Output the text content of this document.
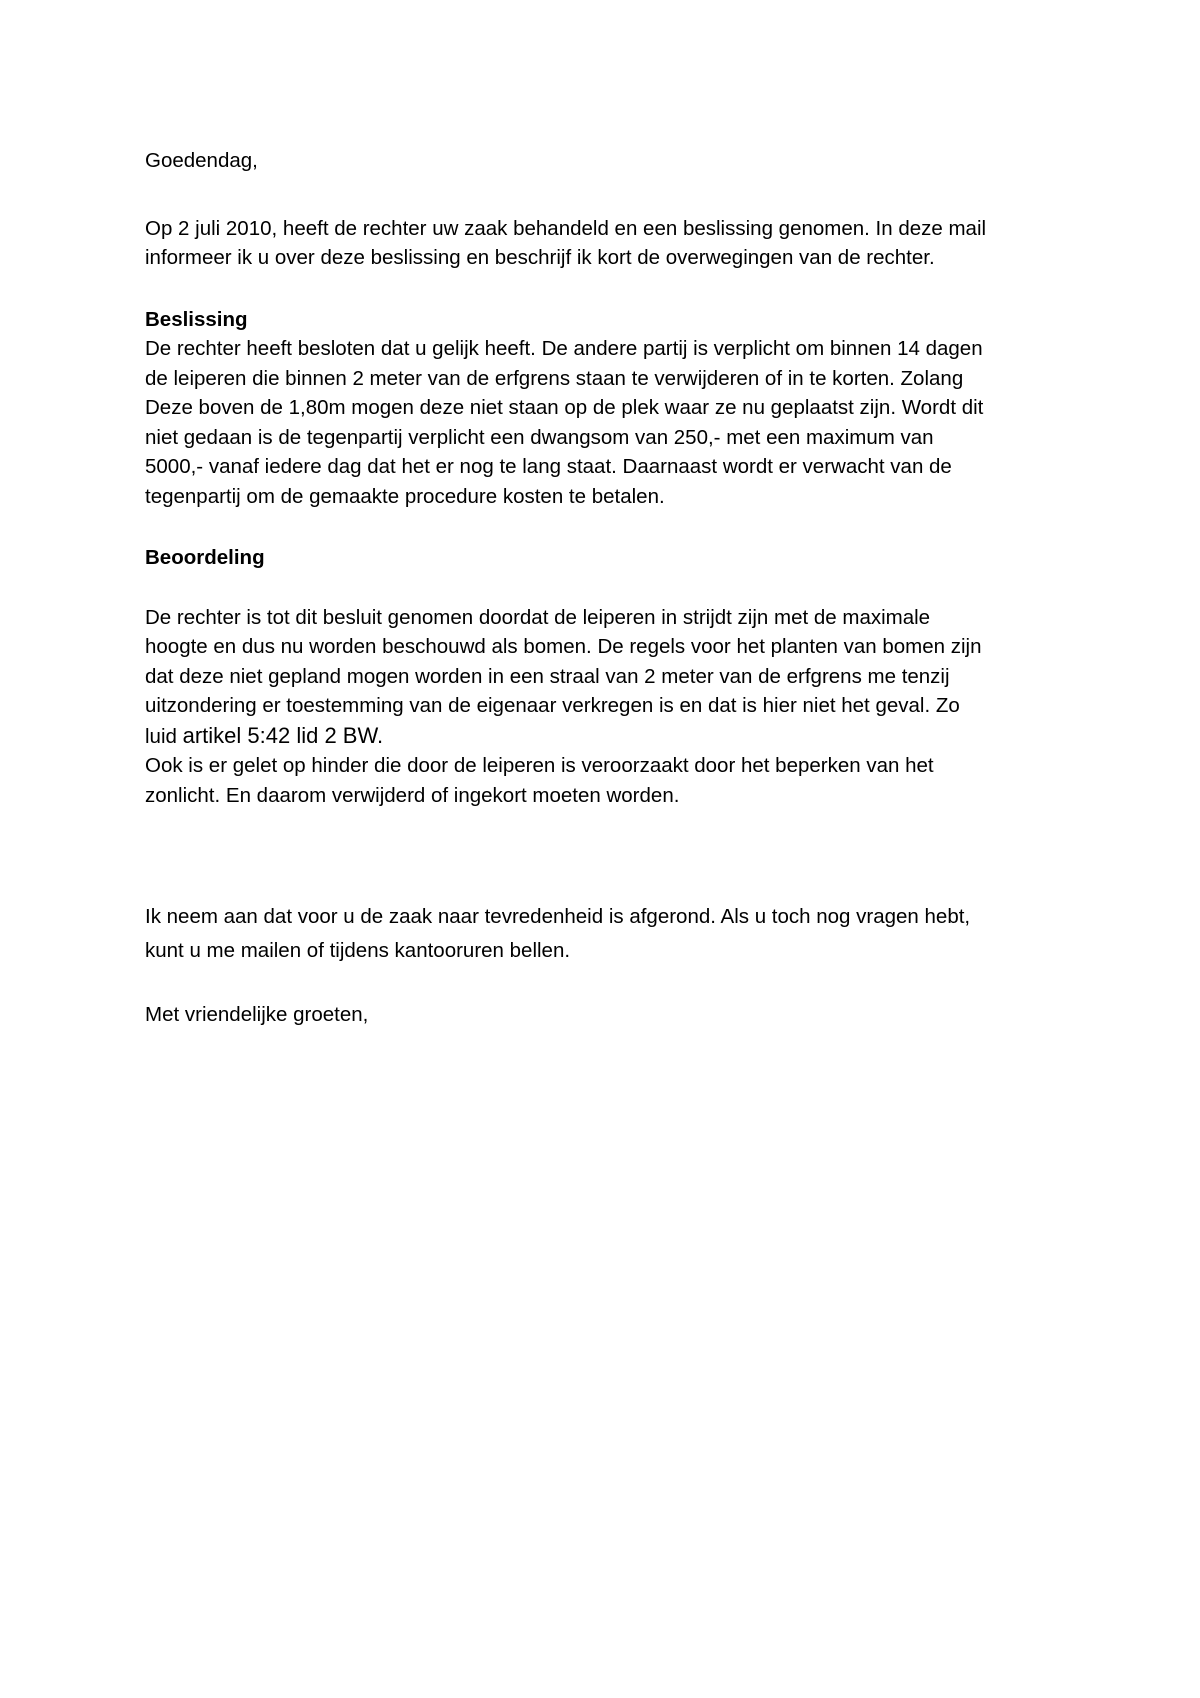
Goedendag,

Op 2 juli 2010, heeft de rechter uw zaak behandeld en een beslissing genomen. In deze mail
informeer ik u over deze beslissing en beschrijf ik kort de overwegingen van de rechter.

Beslissing
De rechter heeft besloten dat u gelijk heeft. De andere partij is verplicht om binnen 14 dagen
de leiperen die binnen 2 meter van de erfgrens staan te verwijderen of in te korten. Zolang
Deze boven de 1,80m mogen deze niet staan op de plek waar ze nu geplaatst zijn. Wordt dit
niet gedaan is de tegenpartij verplicht een dwangsom van 250,- met een maximum van
5000,- vanaf iedere dag dat het er nog te lang staat. Daarnaast wordt er verwacht van de
tegenpartij om de gemaakte procedure kosten te betalen.
Beoordeling
De rechter is tot dit besluit genomen doordat de leiperen in strijdt zijn met de maximale
hoogte en dus nu worden beschouwd als bomen. De regels voor het planten van bomen zijn
dat deze niet gepland mogen worden in een straal van 2 meter van de erfgrens me tenzij
uitzondering er toestemming van de eigenaar verkregen is en dat is hier niet het geval. Zo
luid artikel 5:42 lid 2 BW.
Ook is er gelet op hinder die door de leiperen is veroorzaakt door het beperken van het
zonlicht. En daarom verwijderd of ingekort moeten worden.
Ik neem aan dat voor u de zaak naar tevredenheid is afgerond. Als u toch nog vragen hebt,
kunt u me mailen of tijdens kantooruren bellen.

Met vriendelijke groeten,
